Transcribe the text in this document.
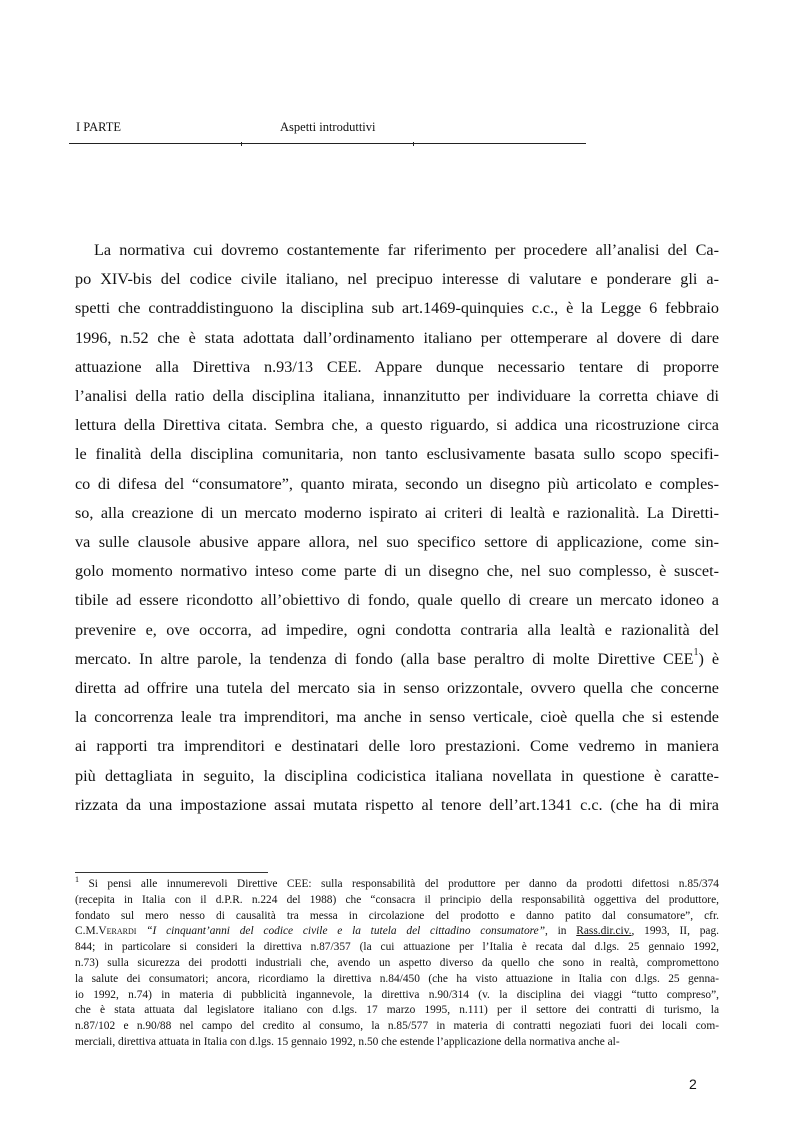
I PARTE	Aspetti introduttivi
La normativa cui dovremo costantemente far riferimento per procedere all’analisi del Ca-
po XIV-bis del codice civile italiano, nel precipuo interesse di valutare e ponderare gli a-
spetti che contraddistinguono la disciplina sub art.1469-quinquies c.c., è la Legge 6 febbraio
1996, n.52 che è stata adottata dall’ordinamento italiano per ottemperare al dovere di dare
attuazione alla Direttiva n.93/13 CEE. Appare dunque necessario tentare di proporre
l’analisi della ratio della disciplina italiana, innanzitutto per individuare la corretta chiave di
lettura della Direttiva citata. Sembra che, a questo riguardo, si addica una ricostruzione circa
le finalità della disciplina comunitaria, non tanto esclusivamente basata sullo scopo specifi-
co di difesa del “consumatore”, quanto mirata, secondo un disegno più articolato e comples-
so, alla creazione di un mercato moderno ispirato ai criteri di lealtà e razionalità. La Diretti-
va sulle clausole abusive appare allora, nel suo specifico settore di applicazione, come sin-
golo momento normativo inteso come parte di un disegno che, nel suo complesso, è suscet-
tibile ad essere ricondotto all’obiettivo di fondo, quale quello di creare un mercato idoneo a
prevenire e, ove occorra, ad impedire, ogni condotta contraria alla lealtà e razionalità del
mercato. In altre parole, la tendenza di fondo (alla base peraltro di molte Direttive CEE$^1$) è
diretta ad offrire una tutela del mercato sia in senso orizzontale, ovvero quella che concerne
la concorrenza leale tra imprenditori, ma anche in senso verticale, cioè quella che si estende
ai rapporti tra imprenditori e destinatari delle loro prestazioni. Come vedremo in maniera
più dettagliata in seguito, la disciplina codicistica italiana novellata in questione è caratte-
rizzata da una impostazione assai mutata rispetto al tenore dell’art.1341 c.c. (che ha di mira
$^1$ Si pensi alle innumerevoli Direttive CEE: sulla responsabilità del produttore per danno da prodotti difettosi n.85/374
(recepita in Italia con il d.P.R. n.224 del 1988) che “consacra il principio della responsabilità oggettiva del produttore,
fondato sul mero nesso di causalità tra messa in circolazione del prodotto e danno patito dal consumatore”, cfr.
C.M.Verardi “I cinquant’anni del codice civile e la tutela del cittadino consumatore”, in Rass.dir.civ., 1993, II, pag.
844; in particolare si consideri la direttiva n.87/357 (la cui attuazione per l’Italia è recata dal d.lgs. 25 gennaio 1992,
n.73) sulla sicurezza dei prodotti industriali che, avendo un aspetto diverso da quello che sono in realtà, compromettono
la salute dei consumatori; ancora, ricordiamo la direttiva n.84/450 (che ha visto attuazione in Italia con d.lgs. 25 genna-
io 1992, n.74) in materia di pubblicità ingannevole, la direttiva n.90/314 (v. la disciplina dei viaggi “tutto compreso”,
che è stata attuata dal legislatore italiano con d.lgs. 17 marzo 1995, n.111) per il settore dei contratti di turismo, la
n.87/102 e n.90/88 nel campo del credito al consumo, la n.85/577 in materia di contratti negoziati fuori dei locali com-
merciali, direttiva attuata in Italia con d.lgs. 15 gennaio 1992, n.50 che estende l’applicazione della normativa anche al-
2
